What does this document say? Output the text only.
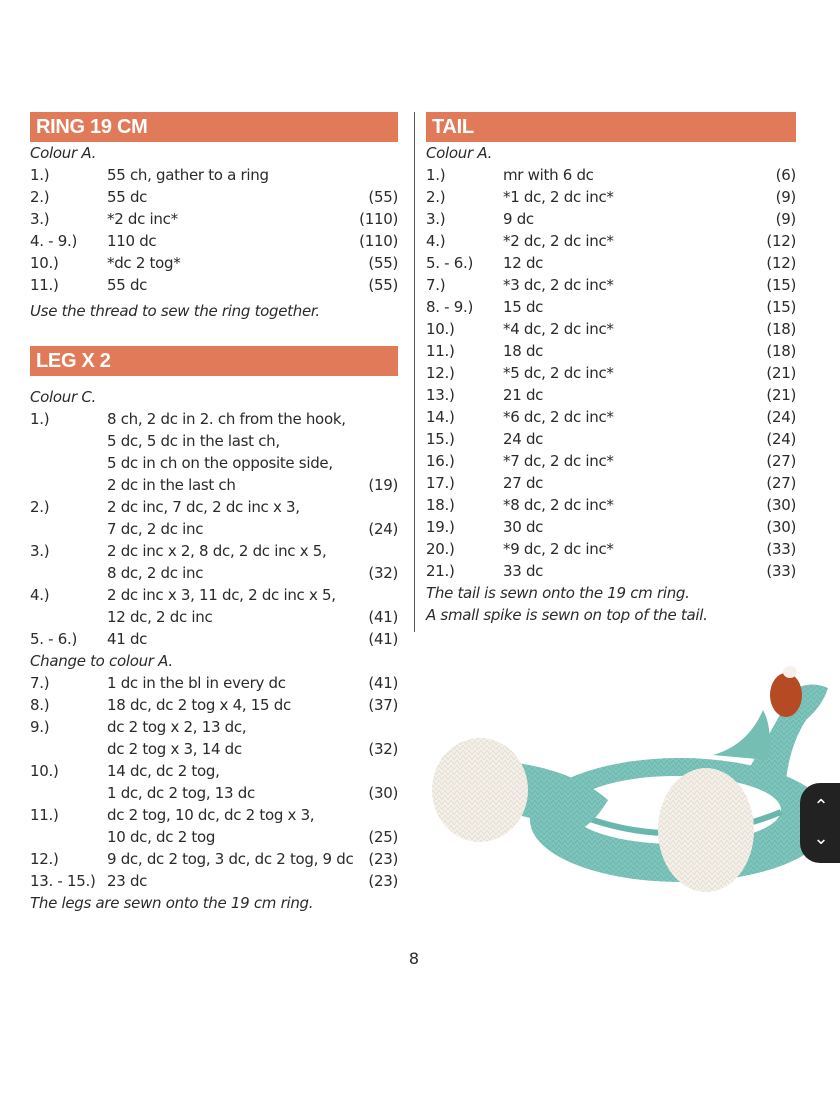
RING 19 CM
Colour A.
1.)	55 ch, gather to a ring
2.)	55 dc	(55)
3.)	*2 dc inc*	(110)
4. - 9.) 110 dc	(110)
10.)	*dc 2 tog*	(55)
11.)	55 dc	(55)
Use the thread to sew the ring together.
LEG X 2
Colour C.
1.)	8 ch, 2 dc in 2. ch from the hook,
5 dc, 5 dc in the last ch,
5 dc in ch on the opposite side,
2 dc in the last ch	(19)
2.)	2 dc inc, 7 dc, 2 dc inc x 3,
7 dc, 2 dc inc	(24)
3.)	2 dc inc x 2, 8 dc, 2 dc inc x 5,
8 dc, 2 dc inc	(32)
4.)	2 dc inc x 3, 11 dc, 2 dc inc x 5,
12 dc, 2 dc inc	(41)
5. - 6.) 41 dc	(41)
Change to colour A.
7.)	1 dc in the bl in every dc	(41)
8.)	18 dc, dc 2 tog x 4, 15 dc	(37)
9.)	dc 2 tog x 2, 13 dc,
dc 2 tog x 3, 14 dc	(32)
10.)	14 dc, dc 2 tog,
1 dc, dc 2 tog, 13 dc	(30)
11.)	dc 2 tog, 10 dc, dc 2 tog x 3,
10 dc, dc 2 tog	(25)
12.)	9 dc, dc 2 tog, 3 dc, dc 2 tog, 9 dc (23)
13. - 15.) 23 dc	(23)
The legs are sewn onto the 19 cm ring.
TAIL
Colour A.
1.)	mr with 6 dc	(6)
2.)	*1 dc, 2 dc inc*	(9)
3.)	9 dc	(9)
4.)	*2 dc, 2 dc inc*	(12)
5. - 6.) 12 dc	(12)
7.)	*3 dc, 2 dc inc*	(15)
8. - 9.) 15 dc	(15)
10.)	*4 dc, 2 dc inc*	(18)
11.)	18 dc	(18)
12.)	*5 dc, 2 dc inc*	(21)
13.)	21 dc	(21)
14.)	*6 dc, 2 dc inc*	(24)
15.)	24 dc	(24)
16.)	*7 dc, 2 dc inc*	(27)
17.)	27 dc	(27)
18.)	*8 dc, 2 dc inc*	(30)
19.)	30 dc	(30)
20.)	*9 dc, 2 dc inc*	(33)
21.)	33 dc	(33)
The tail is sewn onto the 19 cm ring.
A small spike is sewn on top of the tail.
8
⌃
⌄
